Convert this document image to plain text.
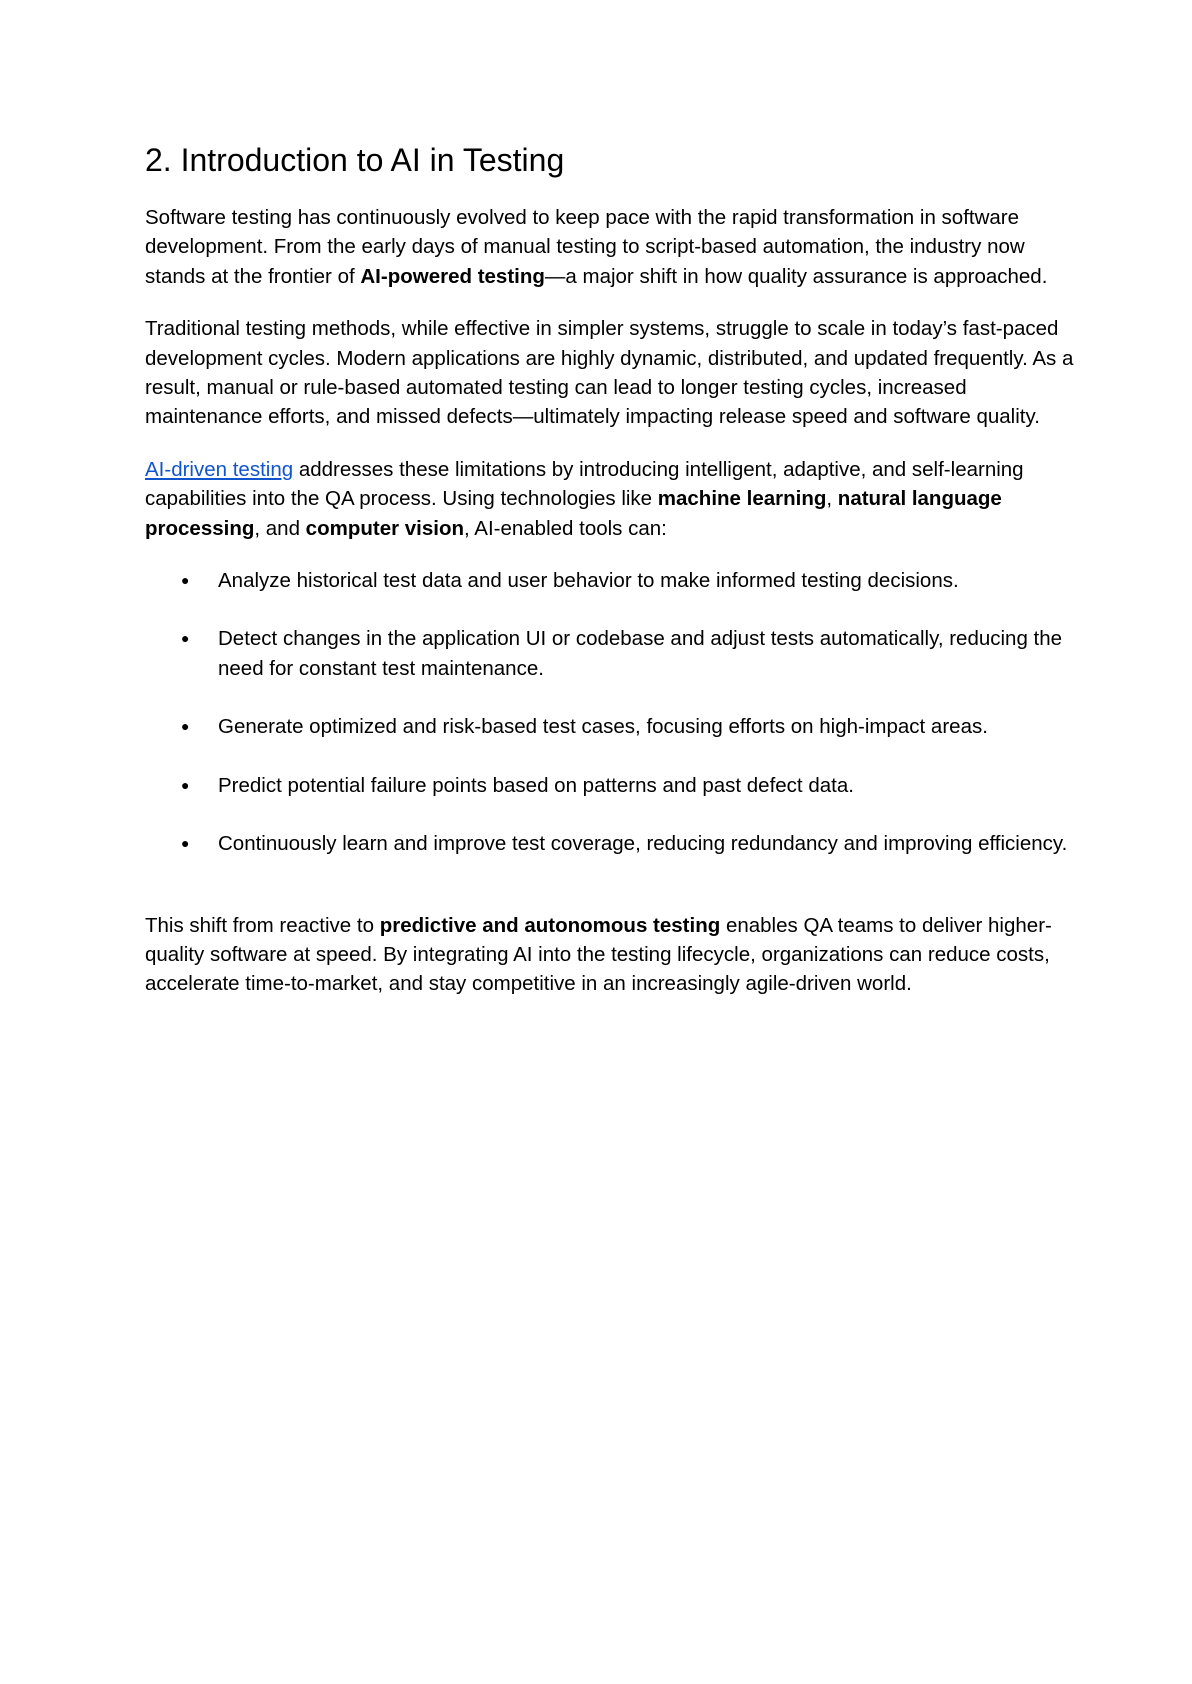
2. Introduction to AI in Testing

Software testing has continuously evolved to keep pace with the rapid transformation in software development. From the early days of manual testing to script-based automation, the industry now stands at the frontier of AI-powered testing—a major shift in how quality assurance is approached.

Traditional testing methods, while effective in simpler systems, struggle to scale in today’s fast-paced development cycles. Modern applications are highly dynamic, distributed, and updated frequently. As a result, manual or rule-based automated testing can lead to longer testing cycles, increased maintenance efforts, and missed defects—ultimately impacting release speed and software quality.

AI-driven testing addresses these limitations by introducing intelligent, adaptive, and self-learning capabilities into the QA process. Using technologies like machine learning, natural language processing, and computer vision, AI-enabled tools can:

● Analyze historical test data and user behavior to make informed testing decisions.
● Detect changes in the application UI or codebase and adjust tests automatically, reducing the need for constant test maintenance.
● Generate optimized and risk-based test cases, focusing efforts on high-impact areas.
● Predict potential failure points based on patterns and past defect data.
● Continuously learn and improve test coverage, reducing redundancy and improving efficiency.

This shift from reactive to predictive and autonomous testing enables QA teams to deliver higher-quality software at speed. By integrating AI into the testing lifecycle, organizations can reduce costs, accelerate time-to-market, and stay competitive in an increasingly agile-driven world.
